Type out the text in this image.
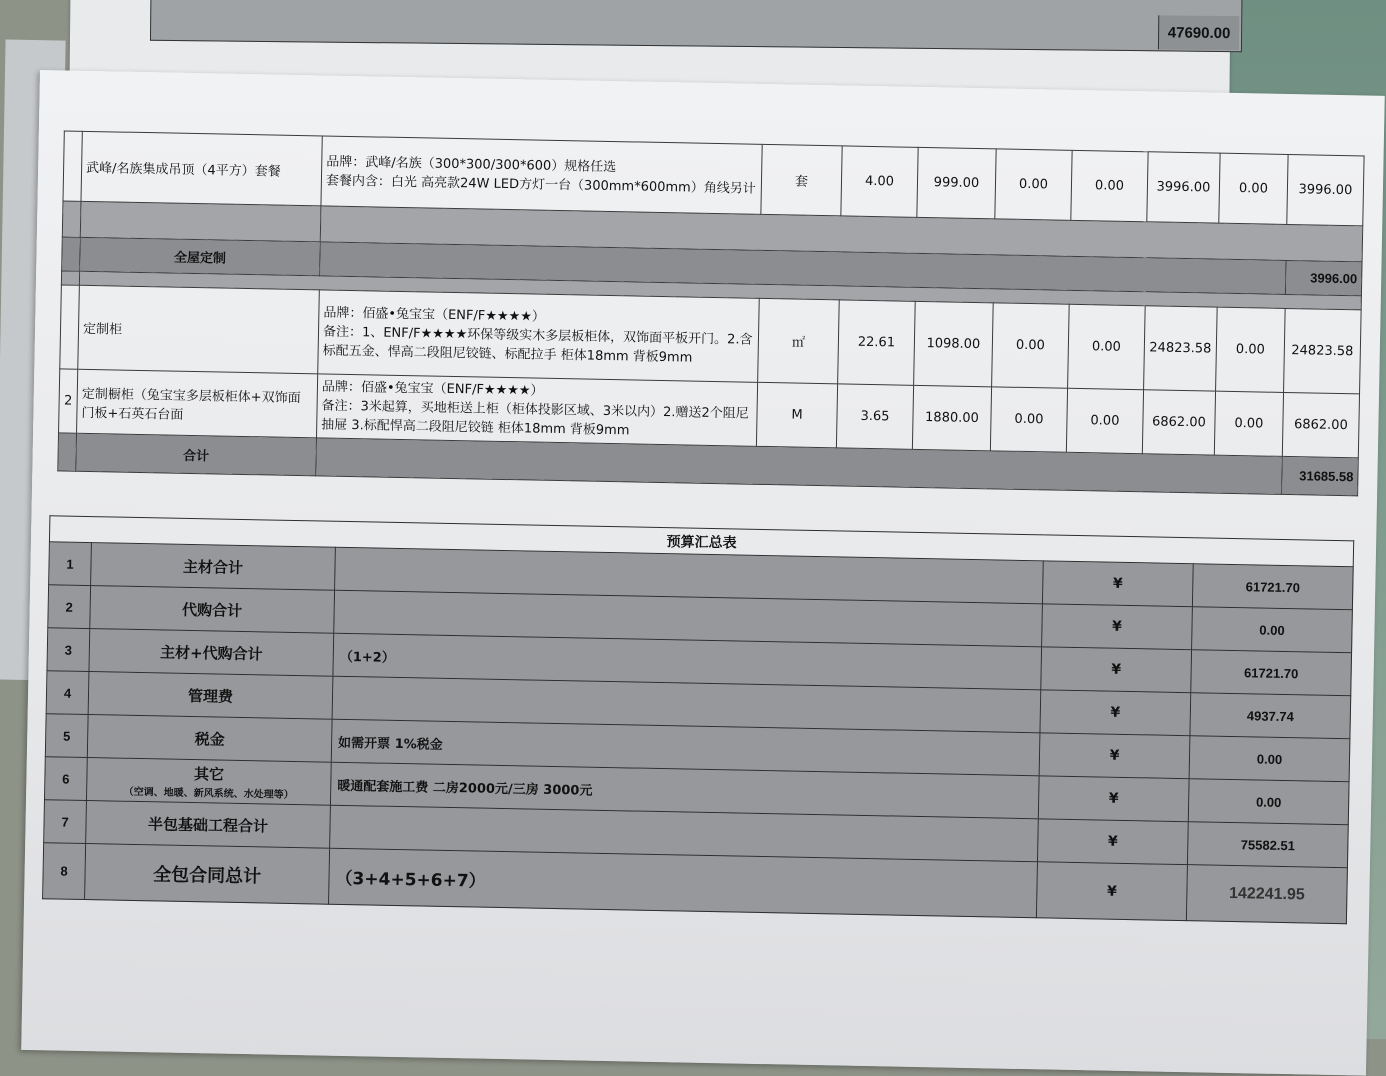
47690.00
	武峰/名族集成吊顶（4平方）套餐	品牌：武峰/名族（300*300/300*600）规格任选
套餐内含：白光 高亮款24W LED方灯一台（300mm*600mm）角线另计	套	4.00	999.00	0.00	0.00	3996.00	0.00	3996.00

	全屋定制									3996.00

	定制柜	品牌：佰盛•兔宝宝（ENF/F★★★★）
备注：1、ENF/F★★★★环保等级实木多层板柜体，双饰面平板开门。2.含标配五金、悍高二段阻尼铰链、标配拉手 柜体18mm 背板9mm	㎡	22.61	1098.00	0.00	0.00	24823.58	0.00	24823.58
2	定制橱柜（兔宝宝多层板柜体+双饰面门板+石英石台面	品牌：佰盛•兔宝宝（ENF/F★★★★）
备注：3米起算，买地柜送上柜（柜体投影区域、3米以内）2.赠送2个阻尼抽屉 3.标配悍高二段阻尼铰链 柜体18mm 背板9mm	M	3.65	1880.00	0.00	0.00	6862.00	0.00	6862.00
	合计									31685.58
预算汇总表				
1	主材合计		¥	61721.70
2	代购合计		¥	0.00
3	主材+代购合计	（1+2）	¥	61721.70
4	管理费		¥	4937.74
5	税金	如需开票 1%税金	¥	0.00
6	其它
（空调、地暖、新风系统、水处理等）	暖通配套施工费 二房2000元/三房 3000元	¥	0.00
7	半包基础工程合计		¥	75582.51
8	全包合同总计	（3+4+5+6+7）	¥	142241.95
